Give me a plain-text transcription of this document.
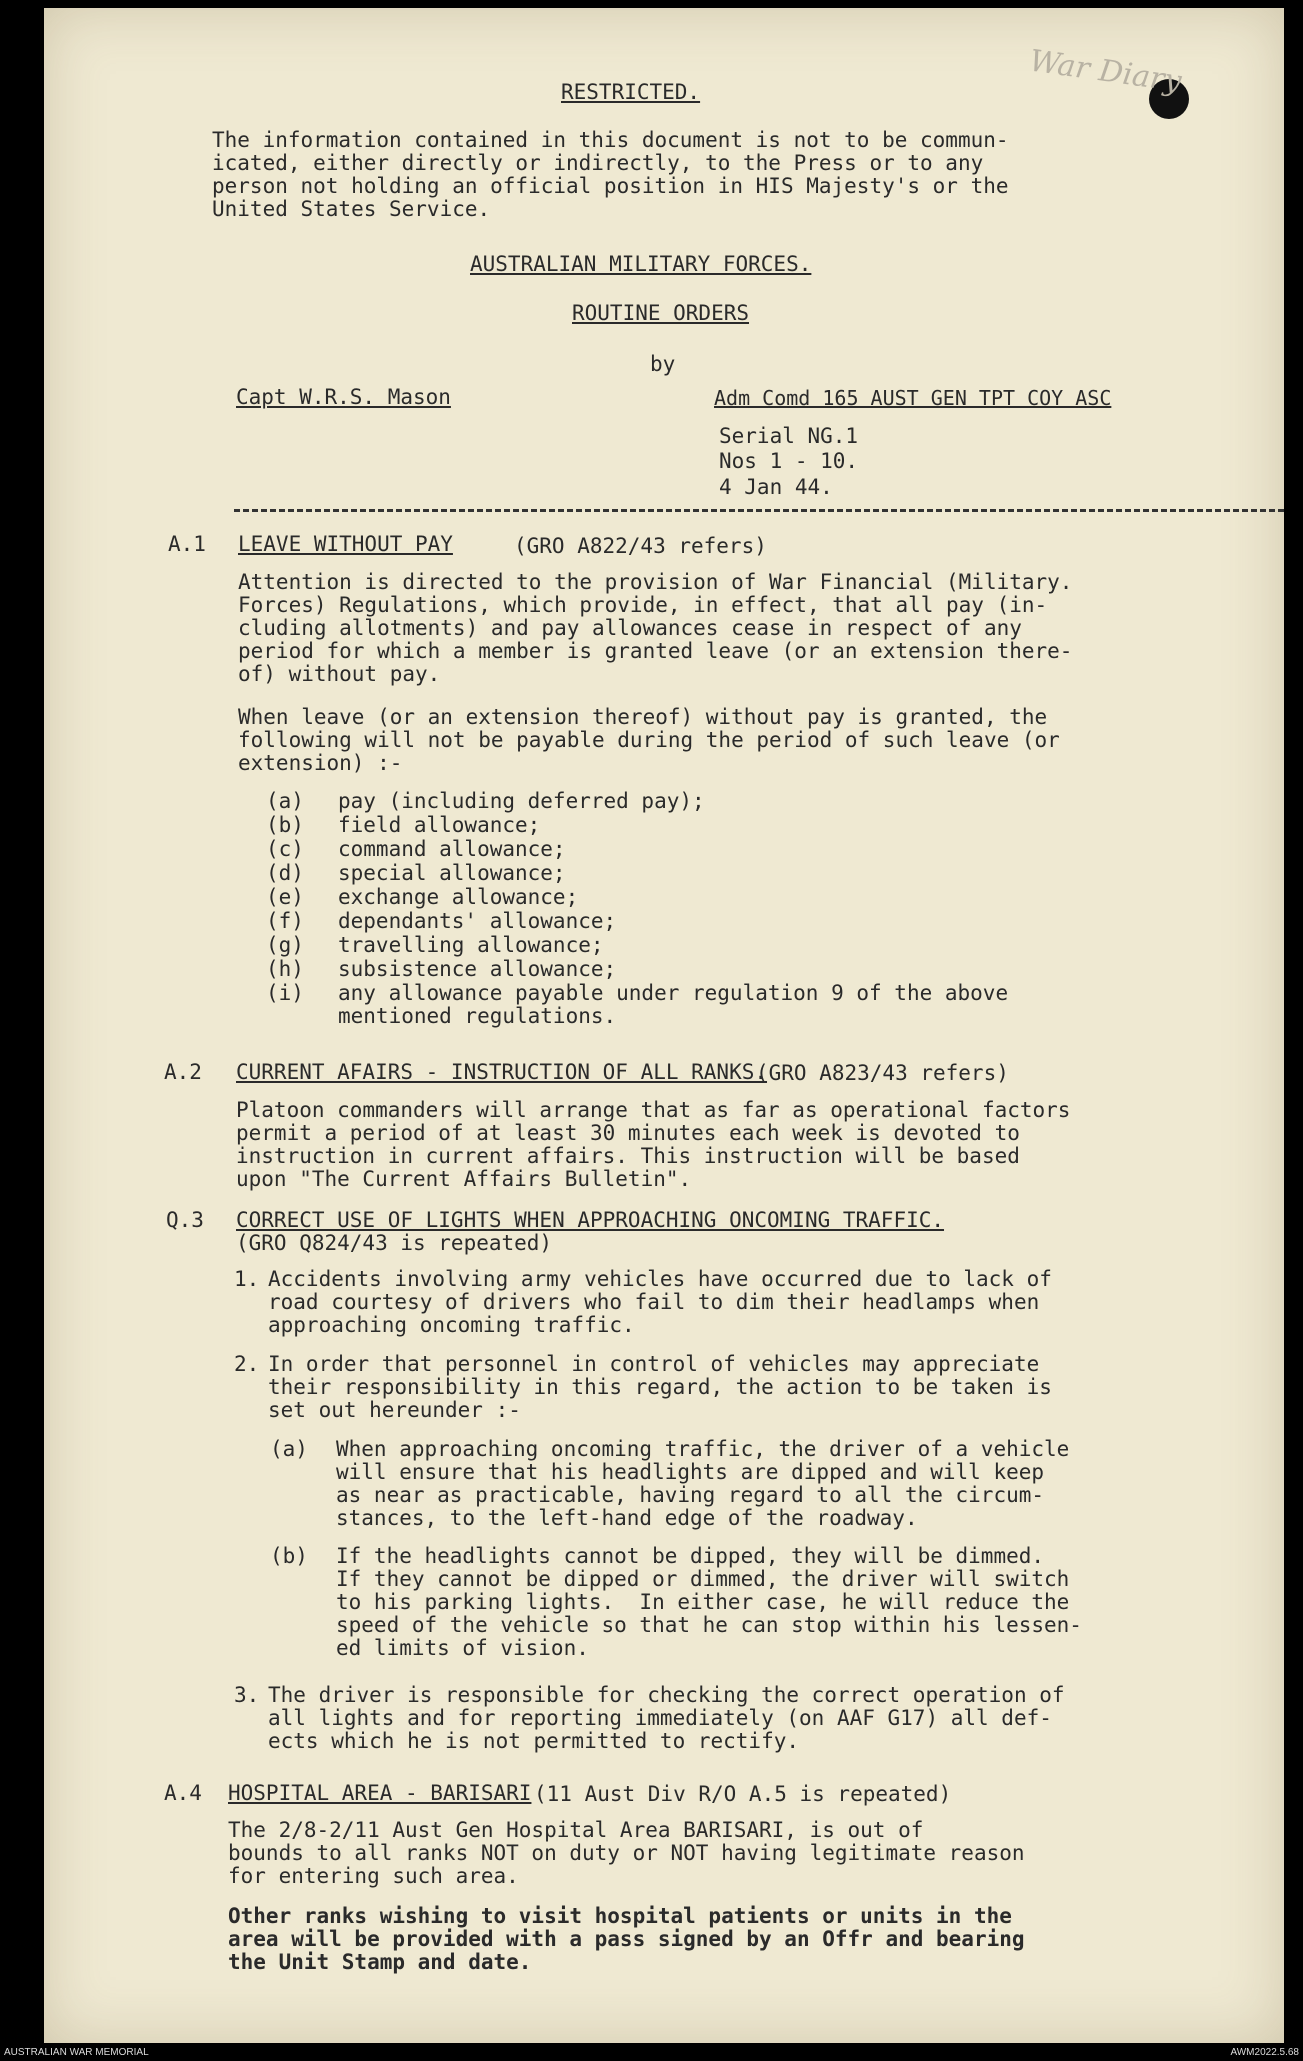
War Diary
RESTRICTED.
The information contained in this document is not to be commun-
icated, either directly or indirectly, to the Press or to any
person not holding an official position in HIS Majesty's or the
United States Service.
AUSTRALIAN MILITARY FORCES.
ROUTINE ORDERS
by
Capt W.R.S. Mason	Adm Comd 165 AUST GEN TPT COY ASC
Serial NG.1
Nos 1 - 10.
4 Jan 44.
A.1 LEAVE WITHOUT PAY	(GRO A822/43 refers)
Attention is directed to the provision of War Financial (Military.
Forces) Regulations, which provide, in effect, that all pay (in-
cluding allotments) and pay allowances cease in respect of any
period for which a member is granted leave (or an extension there-
of) without pay.
When leave (or an extension thereof) without pay is granted, the
following will not be payable during the period of such leave (or
extension) :-
(a) pay (including deferred pay);
(b) field allowance;
(c) command allowance;
(d) special allowance;
(e) exchange allowance;
(f) dependants' allowance;
(g) travelling allowance;
(h) subsistence allowance;
(i) any allowance payable under regulation 9 of the above
mentioned regulations.
A.2 CURRENT AFAIRS - INSTRUCTION OF ALL RANKS.
(GRO A823/43 refers)
Platoon commanders will arrange that as far as operational factors
permit a period of at least 30 minutes each week is devoted to
instruction in current affairs. This instruction will be based
upon "The Current Affairs Bulletin".
Q.3 CORRECT USE OF LIGHTS WHEN APPROACHING ONCOMING TRAFFIC.
(GRO Q824/43 is repeated)
1. Accidents involving army vehicles have occurred due to lack of
road courtesy of drivers who fail to dim their headlamps when
approaching oncoming traffic.
2. In order that personnel in control of vehicles may appreciate
their responsibility in this regard, the action to be taken is
set out hereunder :-
(a) When approaching oncoming traffic, the driver of a vehicle
will ensure that his headlights are dipped and will keep
as near as practicable, having regard to all the circum-
stances, to the left-hand edge of the roadway.
(b) If the headlights cannot be dipped, they will be dimmed.
If they cannot be dipped or dimmed, the driver will switch
to his parking lights.  In either case, he will reduce the
speed of the vehicle so that he can stop within his lessen-
ed limits of vision.
3. The driver is responsible for checking the correct operation of
all lights and for reporting immediately (on AAF G17) all def-
ects which he is not permitted to rectify.
A.4 HOSPITAL AREA - BARISARI (11 Aust Div R/O A.5 is repeated)
The 2/8-2/11 Aust Gen Hospital Area BARISARI, is out of
bounds to all ranks NOT on duty or NOT having legitimate reason
for entering such area.
Other ranks wishing to visit hospital patients or units in the
area will be provided with a pass signed by an Offr and bearing
the Unit Stamp and date.
AUSTRALIAN WAR MEMORIAL	AWM2022.5.68
